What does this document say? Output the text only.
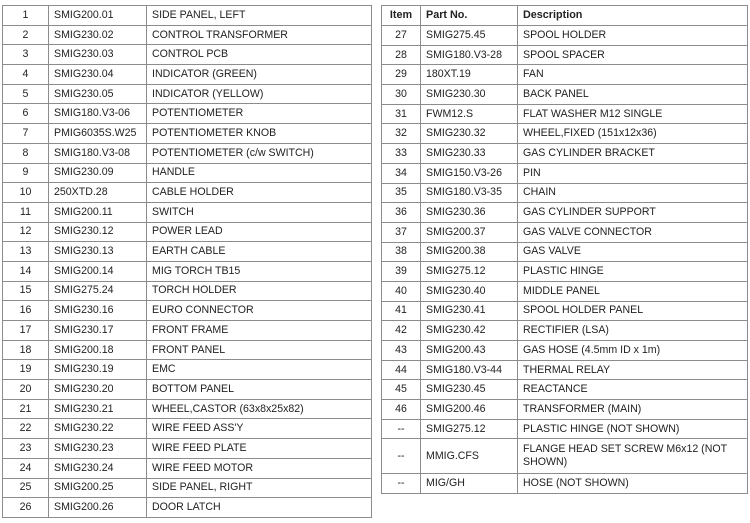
1	SMIG200.01	SIDE PANEL, LEFT
2	SMIG230.02	CONTROL TRANSFORMER
3	SMIG230.03	CONTROL PCB
4	SMIG230.04	INDICATOR (GREEN)
5	SMIG230.05	INDICATOR (YELLOW)
6	SMIG180.V3-06	POTENTIOMETER
7	PMIG6035S.W25	POTENTIOMETER KNOB
8	SMIG180.V3-08	POTENTIOMETER (c/w SWITCH)
9	SMIG230.09	HANDLE
10	250XTD.28	CABLE HOLDER
11	SMIG200.11	SWITCH
12	SMIG230.12	POWER LEAD
13	SMIG230.13	EARTH CABLE
14	SMIG200.14	MIG TORCH TB15
15	SMIG275.24	TORCH HOLDER
16	SMIG230.16	EURO CONNECTOR
17	SMIG230.17	FRONT FRAME
18	SMIG200.18	FRONT PANEL
19	SMIG230.19	EMC
20	SMIG230.20	BOTTOM PANEL
21	SMIG230.21	WHEEL,CASTOR (63x8x25x82)
22	SMIG230.22	WIRE FEED ASS'Y
23	SMIG230.23	WIRE FEED PLATE
24	SMIG230.24	WIRE FEED MOTOR
25	SMIG200.25	SIDE PANEL, RIGHT
26	SMIG200.26	DOOR LATCH
Item	Part No.	Description
27	SMIG275.45	SPOOL HOLDER
28	SMIG180.V3-28	SPOOL SPACER
29	180XT.19	FAN
30	SMIG230.30	BACK PANEL
31	FWM12.S	FLAT WASHER M12 SINGLE
32	SMIG230.32	WHEEL,FIXED (151x12x36)
33	SMIG230.33	GAS CYLINDER BRACKET
34	SMIG150.V3-26	PIN
35	SMIG180.V3-35	CHAIN
36	SMIG230.36	GAS CYLINDER SUPPORT
37	SMIG200.37	GAS VALVE CONNECTOR
38	SMIG200.38	GAS VALVE
39	SMIG275.12	PLASTIC HINGE
40	SMIG230.40	MIDDLE PANEL
41	SMIG230.41	SPOOL HOLDER PANEL
42	SMIG230.42	RECTIFIER (LSA)
43	SMIG200.43	GAS HOSE (4.5mm ID x 1m)
44	SMIG180.V3-44	THERMAL RELAY
45	SMIG230.45	REACTANCE
46	SMIG200.46	TRANSFORMER (MAIN)
--	SMIG275.12	PLASTIC HINGE (NOT SHOWN)
--	MMIG.CFS	FLANGE HEAD SET SCREW M6x12 (NOT SHOWN)
--	MIG/GH	HOSE (NOT SHOWN)
